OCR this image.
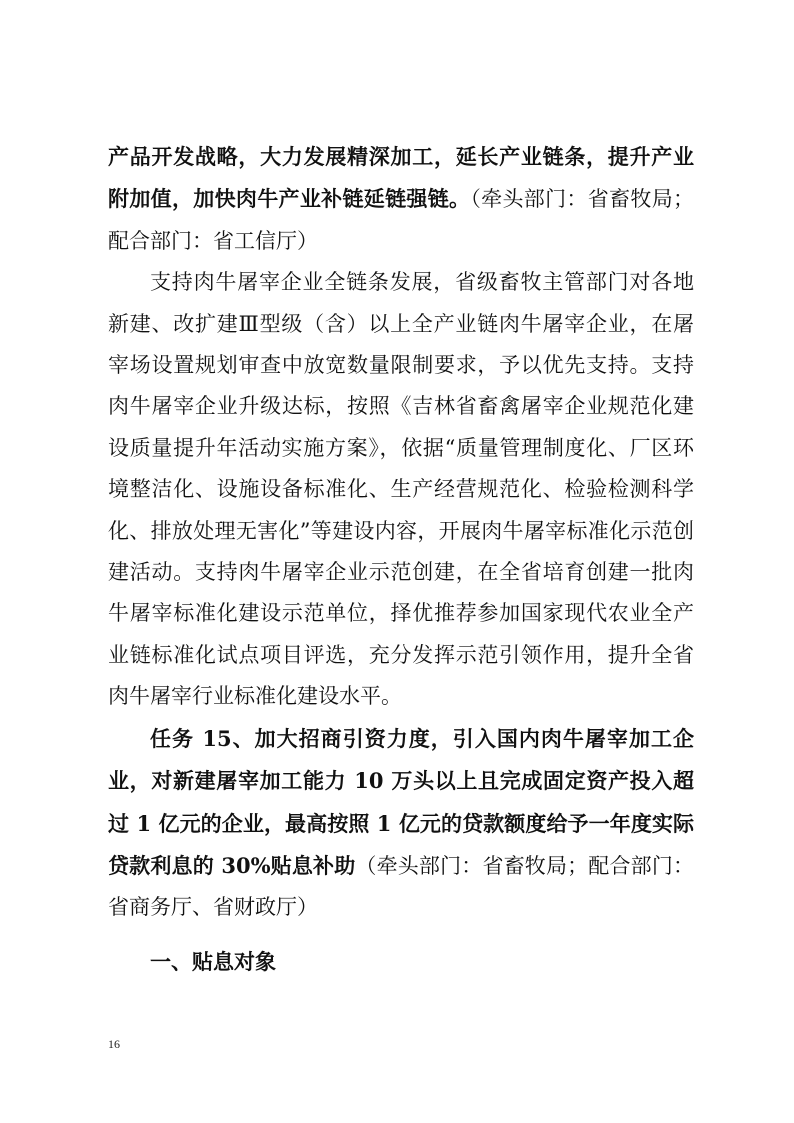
产品开发战略，大力发展精深加工，延长产业链条，提升产业附加值，加快肉牛产业补链延链强链。（牵头部门：省畜牧局；配合部门：省工信厅）

支持肉牛屠宰企业全链条发展，省级畜牧主管部门对各地新建、改扩建Ⅲ型级（含）以上全产业链肉牛屠宰企业，在屠宰场设置规划审查中放宽数量限制要求，予以优先支持。支持肉牛屠宰企业升级达标，按照《吉林省畜禽屠宰企业规范化建设质量提升年活动实施方案》，依据“质量管理制度化、厂区环境整洁化、设施设备标准化、生产经营规范化、检验检测科学化、排放处理无害化”等建设内容，开展肉牛屠宰标准化示范创建活动。支持肉牛屠宰企业示范创建，在全省培育创建一批肉牛屠宰标准化建设示范单位，择优推荐参加国家现代农业全产业链标准化试点项目评选，充分发挥示范引领作用，提升全省肉牛屠宰行业标准化建设水平。

任务 15、加大招商引资力度，引入国内肉牛屠宰加工企业，对新建屠宰加工能力 10 万头以上且完成固定资产投入超过 1 亿元的企业，最高按照 1 亿元的贷款额度给予一年度实际贷款利息的 30%贴息补助（牵头部门：省畜牧局；配合部门：省商务厅、省财政厅）

一、贴息对象

16
